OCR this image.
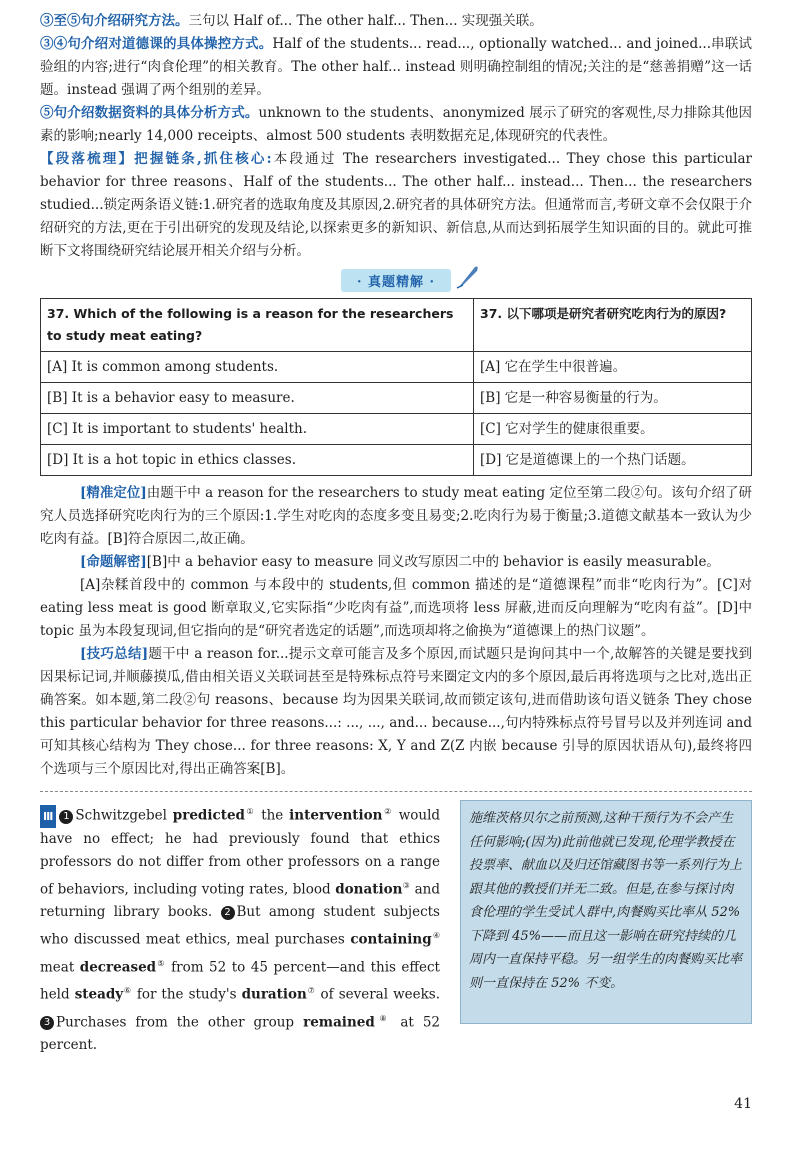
③至⑤句介绍研究方法。三句以 Half of... The other half... Then... 实现强关联。

③④句介绍对道德课的具体操控方式。Half of the students... read..., optionally watched... and joined...串联试验组的内容;进行“肉食伦理”的相关教育。The other half... instead 则明确控制组的情况;关注的是“慈善捐赠”这一话题。instead 强调了两个组别的差异。

⑤句介绍数据资料的具体分析方式。unknown to the students、anonymized 展示了研究的客观性,尽力排除其他因素的影响;nearly 14,000 receipts、almost 500 students 表明数据充足,体现研究的代表性。

【段落梳理】把握链条,抓住核心:本段通过 The researchers investigated... They chose this particular behavior for three reasons、Half of the students... The other half... instead... Then... the researchers studied...锁定两条语义链:1.研究者的选取角度及其原因,2.研究者的具体研究方法。但通常而言,考研文章不会仅限于介绍研究的方法,更在于引出研究的发现及结论,以探索更多的新知识、新信息,从而达到拓展学生知识面的目的。就此可推断下文将围绕研究结论展开相关介绍与分析。

· 真题精解 ·
37. Which of the following is a reason for the researchers to study meat eating?	37. 以下哪项是研究者研究吃肉行为的原因?
[A] It is common among students.	[A] 它在学生中很普遍。
[B] It is a behavior easy to measure.	[B] 它是一种容易衡量的行为。
[C] It is important to students' health.	[C] 它对学生的健康很重要。
[D] It is a hot topic in ethics classes.	[D] 它是道德课上的一个热门话题。

[精准定位]由题干中 a reason for the researchers to study meat eating 定位至第二段②句。该句介绍了研究人员选择研究吃肉行为的三个原因:1.学生对吃肉的态度多变且易变;2.吃肉行为易于衡量;3.道德文献基本一致认为少吃肉有益。[B]符合原因二,故正确。

[命题解密][B]中 a behavior easy to measure 同义改写原因二中的 behavior is easily measurable。

[A]杂糅首段中的 common 与本段中的 students,但 common 描述的是“道德课程”而非“吃肉行为”。[C]对 eating less meat is good 断章取义,它实际指“少吃肉有益”,而选项将 less 屏蔽,进而反向理解为“吃肉有益”。[D]中 topic 虽为本段复现词,但它指向的是“研究者选定的话题”,而选项却将之偷换为“道德课上的热门议题”。

[技巧总结]题干中 a reason for...提示文章可能言及多个原因,而试题只是询问其中一个,故解答的关键是要找到因果标记词,并顺藤摸瓜,借由相关语义关联词甚至是特殊标点符号来圈定文内的多个原因,最后再将选项与之比对,选出正确答案。如本题,第二段②句 reasons、because 均为因果关联词,故而锁定该句,进而借助该句语义链条 They chose this particular behavior for three reasons...: ..., ..., and... because...,句内特殊标点符号冒号以及并列连词 and 可知其核心结构为 They chose... for three reasons: X, Y and Z(Z 内嵌 because 引导的原因状语从句),最终将四个选项与三个原因比对,得出正确答案[B]。

Ⅲ 1 Schwitzgebel predicted① the intervention② would have no effect; he had previously found that ethics professors do not differ from other professors on a range of behaviors, including voting rates, blood donation③ and returning library books. 2 But among student subjects who discussed meat ethics, meal purchases containing④ meat decreased⑤ from 52 to 45 percent—and this effect held steady⑥ for the study's duration⑦ of several weeks. 3 Purchases from the other group remained⑧ at 52 percent.
施维茨格贝尔之前预测,这种干预行为不会产生任何影响;(因为)此前他就已发现,伦理学教授在投票率、献血以及归还馆藏图书等一系列行为上跟其他的教授们并无二致。但是,在参与探讨肉食伦理的学生受试人群中,肉餐购买比率从 52% 下降到 45%——而且这一影响在研究持续的几周内一直保持平稳。另一组学生的肉餐购买比率则一直保持在 52% 不变。
41
